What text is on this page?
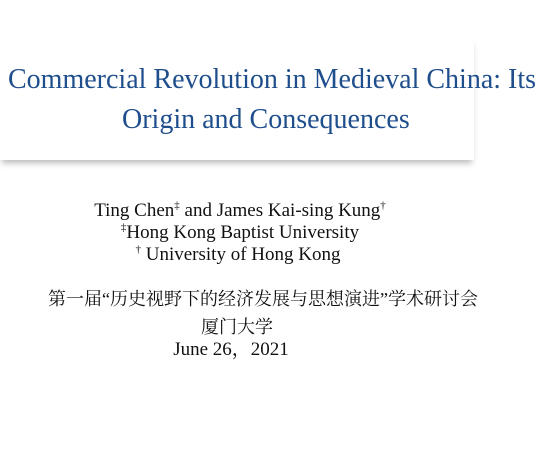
Commercial Revolution in Medieval China: Its
Origin and Consequences
Ting Chen‡ and James Kai-sing Kung†
‡Hong Kong Baptist University
† University of Hong Kong
第一届“历史视野下的经济发展与思想演进”学术研讨会
厦门大学
June 26，2021
